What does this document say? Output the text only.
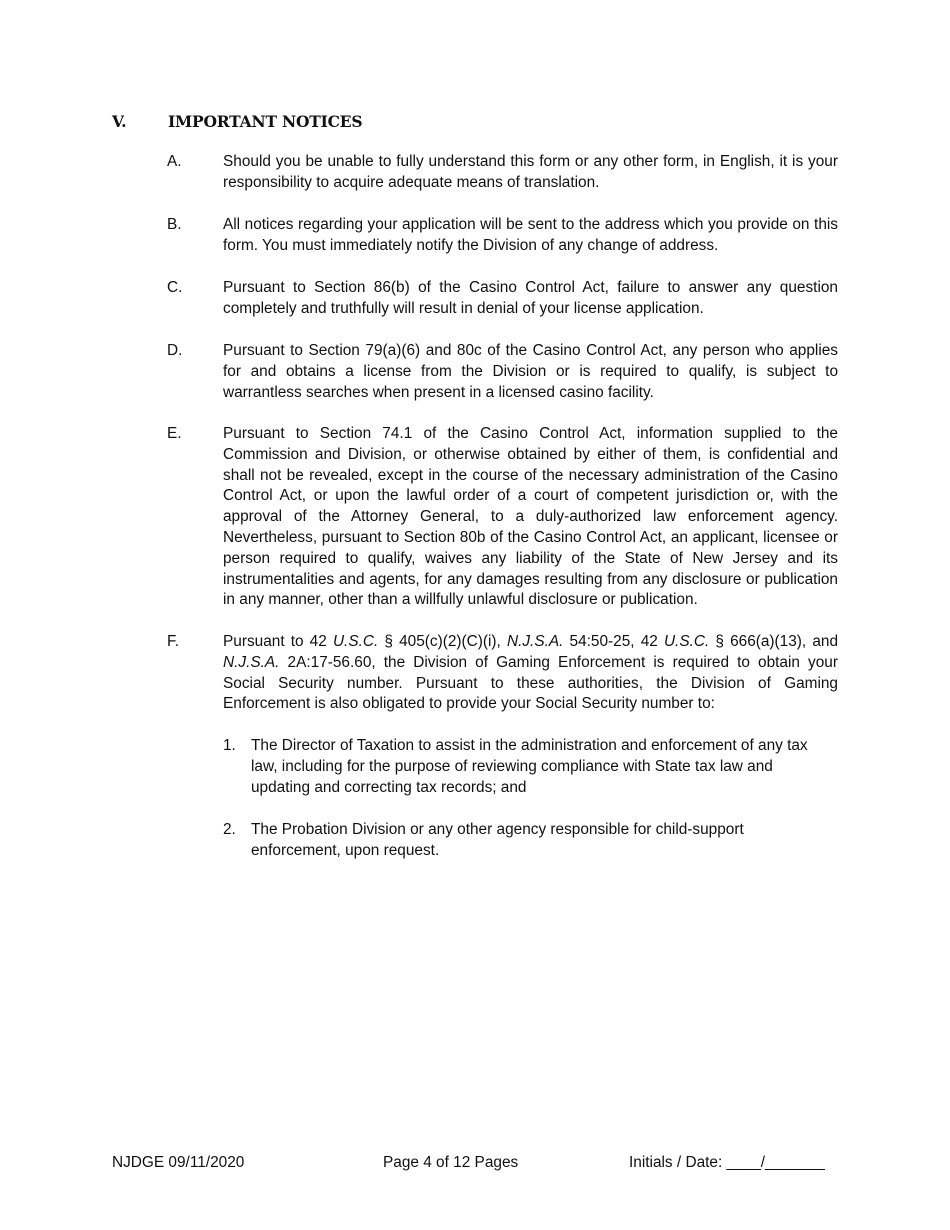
V.	IMPORTANT NOTICES
A.	Should you be unable to fully understand this form or any other form, in English, it is your responsibility to acquire adequate means of translation.
B.	All notices regarding your application will be sent to the address which you provide on this form. You must immediately notify the Division of any change of address.
C.	Pursuant to Section 86(b) of the Casino Control Act, failure to answer any question completely and truthfully will result in denial of your license application.
D.	Pursuant to Section 79(a)(6) and 80c of the Casino Control Act, any person who applies for and obtains a license from the Division or is required to qualify, is subject to warrantless searches when present in a licensed casino facility.
E.	Pursuant to Section 74.1 of the Casino Control Act, information supplied to the Commission and Division, or otherwise obtained by either of them, is confidential and shall not be revealed, except in the course of the necessary administration of the Casino Control Act, or upon the lawful order of a court of competent jurisdiction or, with the approval of the Attorney General, to a duly-authorized law enforcement agency. Nevertheless, pursuant to Section 80b of the Casino Control Act, an applicant, licensee or person required to qualify, waives any liability of the State of New Jersey and its instrumentalities and agents, for any damages resulting from any disclosure or publication in any manner, other than a willfully unlawful disclosure or publication.
F.	Pursuant to 42 U.S.C. § 405(c)(2)(C)(i), N.J.S.A. 54:50-25, 42 U.S.C. § 666(a)(13), and N.J.S.A. 2A:17-56.60, the Division of Gaming Enforcement is required to obtain your Social Security number. Pursuant to these authorities, the Division of Gaming Enforcement is also obligated to provide your Social Security number to:
1. The Director of Taxation to assist in the administration and enforcement of any tax law, including for the purpose of reviewing compliance with State tax law and updating and correcting tax records; and
2. The Probation Division or any other agency responsible for child-support enforcement, upon request.
NJDGE 09/11/2020	Page 4 of 12 Pages	Initials / Date: ____/_______
